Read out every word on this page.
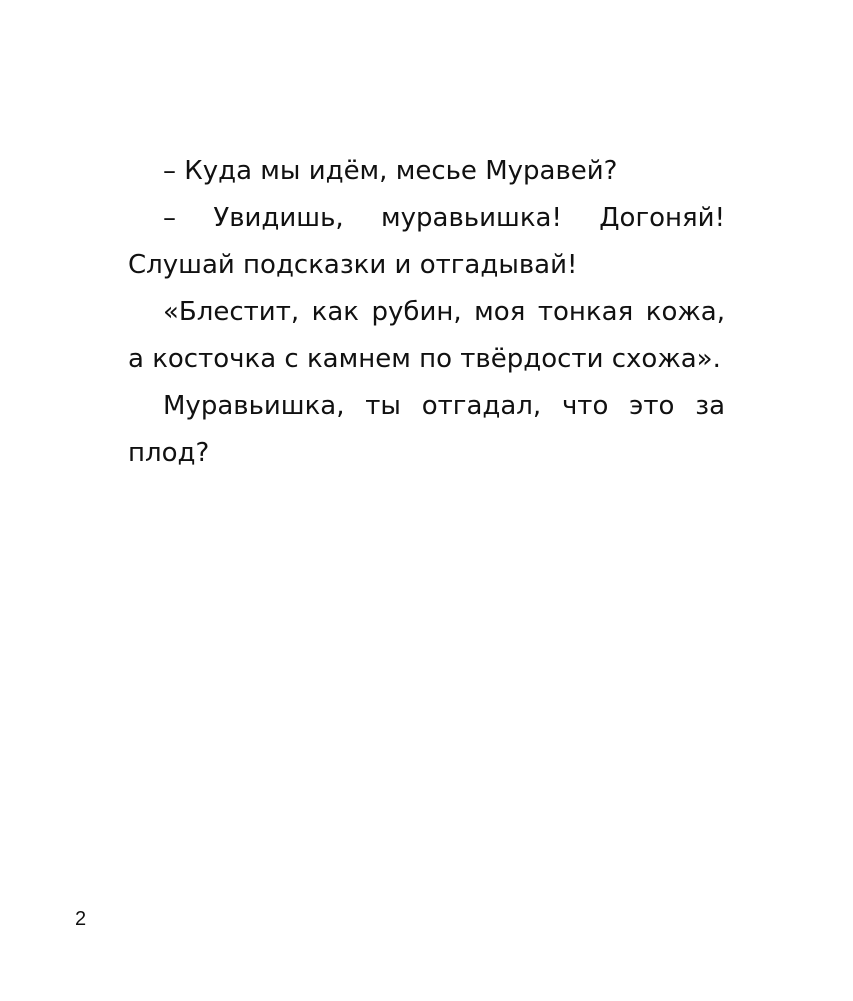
– Куда мы идём, месье Муравей?

– Увидишь, муравьишка! Догоняй! Слушай подсказки и отгадывай!

«Блестит, как рубин, моя тонкая кожа, а косточка с камнем по твёрдости схожа».

Муравьишка, ты отгадал, что это за плод?

2
